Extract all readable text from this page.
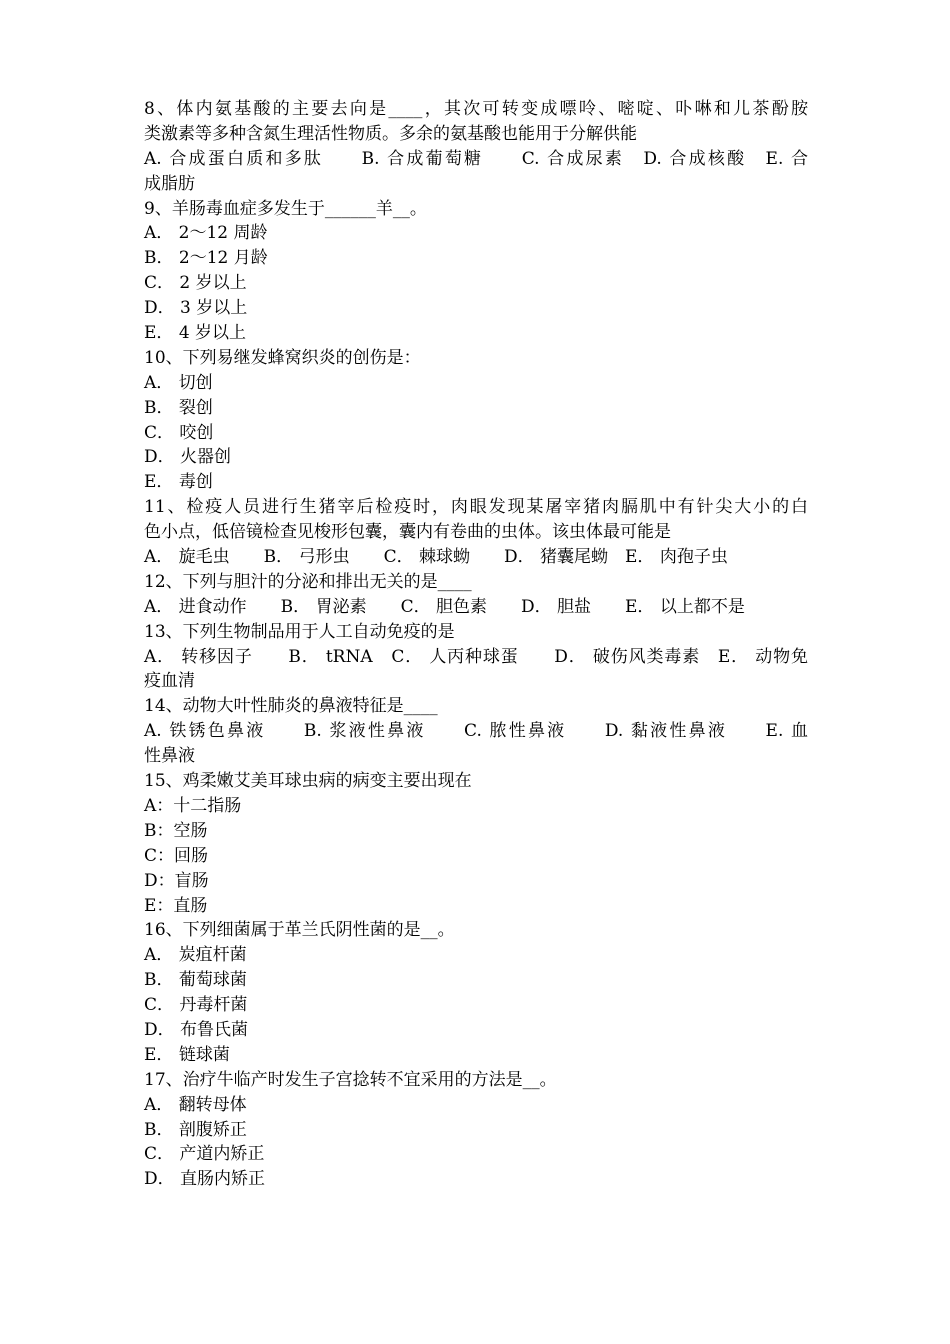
8、体内氨基酸的主要去向是____，其次可转变成嘌呤、嘧啶、卟啉和儿茶酚胺
类激素等多种含氮生理活性物质。多余的氨基酸也能用于分解供能
A. 合成蛋白质和多肽　　B. 合成葡萄糖　　C. 合成尿素　D. 合成核酸　E. 合
成脂肪
9、羊肠毒血症多发生于______羊__。
A． 2～12 周龄
B． 2～12 月龄
C． 2 岁以上
D． 3 岁以上
E． 4 岁以上
10、下列易继发蜂窝织炎的创伤是：
A． 切创
B． 裂创
C． 咬创
D． 火器创
E． 毒创
11、检疫人员进行生猪宰后检疫时，肉眼发现某屠宰猪肉膈肌中有针尖大小的白
色小点，低倍镜检查见梭形包囊，囊内有卷曲的虫体。该虫体最可能是
A． 旋毛虫　　B． 弓形虫　　C． 棘球蚴　　D． 猪囊尾蚴　E． 肉孢子虫
12、下列与胆汁的分泌和排出无关的是____
A． 进食动作　　B． 胃泌素　　C． 胆色素　　D． 胆盐　　E． 以上都不是
13、下列生物制品用于人工自动免疫的是
A． 转移因子　　B． tRNA　C． 人丙种球蛋　　D． 破伤风类毒素　E． 动物免
疫血清
14、动物大叶性肺炎的鼻液特征是____
A. 铁锈色鼻液　　B. 浆液性鼻液　　C. 脓性鼻液　　D. 黏液性鼻液　　E. 血
性鼻液
15、鸡柔嫩艾美耳球虫病的病变主要出现在
A：十二指肠
B：空肠
C：回肠
D：盲肠
E：直肠
16、下列细菌属于革兰氏阴性菌的是__。
A． 炭疽杆菌
B． 葡萄球菌
C． 丹毒杆菌
D． 布鲁氏菌
E． 链球菌
17、治疗牛临产时发生子宫捻转不宜采用的方法是__。
A． 翻转母体
B． 剖腹矫正
C． 产道内矫正
D． 直肠内矫正
